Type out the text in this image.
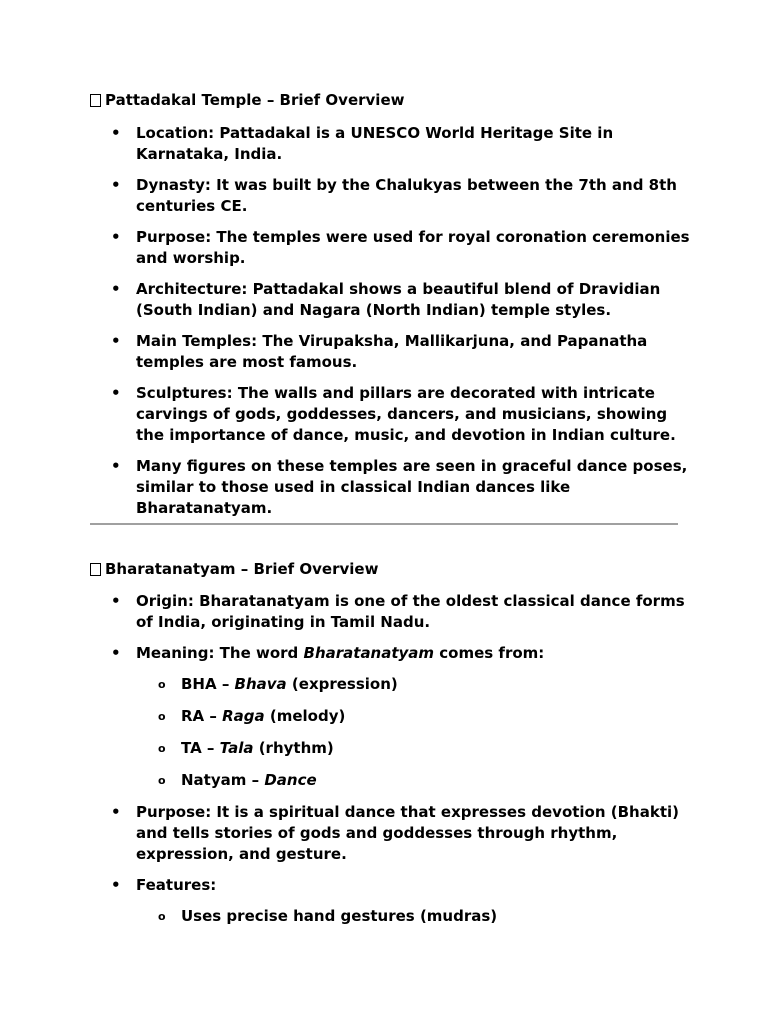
Pattadakal Temple – Brief Overview
• Location: Pattadakal is a UNESCO World Heritage Site in Karnataka, India.
• Dynasty: It was built by the Chalukyas between the 7th and 8th centuries CE.
• Purpose: The temples were used for royal coronation ceremonies and worship.
• Architecture: Pattadakal shows a beautiful blend of Dravidian (South Indian) and Nagara (North Indian) temple styles.
• Main Temples: The Virupaksha, Mallikarjuna, and Papanatha temples are most famous.
• Sculptures: The walls and pillars are decorated with intricate carvings of gods, goddesses, dancers, and musicians, showing the importance of dance, music, and devotion in Indian culture.
• Many figures on these temples are seen in graceful dance poses, similar to those used in classical Indian dances like Bharatanatyam.
Bharatanatyam – Brief Overview
• Origin: Bharatanatyam is one of the oldest classical dance forms of India, originating in Tamil Nadu.
• Meaning: The word Bharatanatyam comes from:
o BHA – Bhava (expression)
o RA – Raga (melody)
o TA – Tala (rhythm)
o Natyam – Dance
• Purpose: It is a spiritual dance that expresses devotion (Bhakti) and tells stories of gods and goddesses through rhythm, expression, and gesture.
• Features:
o Uses precise hand gestures (mudras)
